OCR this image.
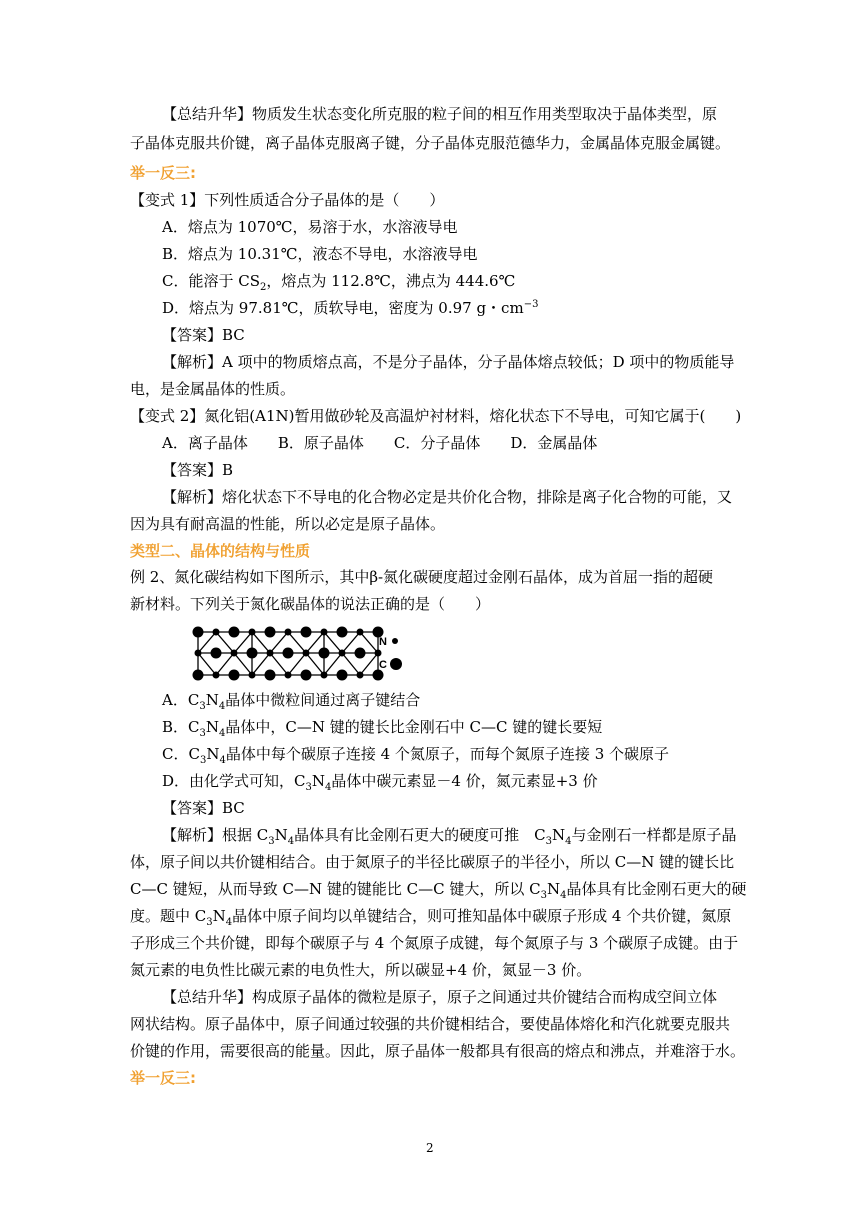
【总结升华】物质发生状态变化所克服的粒子间的相互作用类型取决于晶体类型，原
子晶体克服共价键，离子晶体克服离子键，分子晶体克服范德华力，金属晶体克服金属键。
举一反三:
【变式 1】下列性质适合分子晶体的是（　　）
A．熔点为 1070℃，易溶于水，水溶液导电
B．熔点为 10.31℃，液态不导电，水溶液导电
C．能溶于 $CS_2$，熔点为 112.8℃，沸点为 444.6℃
D．熔点为 97.81℃，质软导电，密度为 0.97 g・$cm^{-3}$
【答案】BC
【解析】A 项中的物质熔点高，不是分子晶体，分子晶体熔点较低；D 项中的物质能导
电，是金属晶体的性质。
【变式 2】氮化铝(A1N)暂用做砂轮及高温炉衬材料，熔化状态下不导电，可知它属于(　　)
A．离子晶体　　B．原子晶体　　C．分子晶体　　D．金属晶体
【答案】B
【解析】熔化状态下不导电的化合物必定是共价化合物，排除是离子化合物的可能，又
因为具有耐高温的性能，所以必定是原子晶体。
类型二、晶体的结构与性质
例 2、氮化碳结构如下图所示，其中β-氮化碳硬度超过金刚石晶体，成为首屈一指的超硬
新材料。下列关于氮化碳晶体的说法正确的是（　　）
N
C
A．$C_3N_4$晶体中微粒间通过离子键结合
B．$C_3N_4$晶体中，C—N 键的键长比金刚石中 C—C 键的键长要短
C．$C_3N_4$晶体中每个碳原子连接 4 个氮原子，而每个氮原子连接 3 个碳原子
D．由化学式可知，$C_3N_4$晶体中碳元素显－4 价，氮元素显+3 价
【答案】BC
【解析】根据 $C_3N_4$晶体具有比金刚石更大的硬度可推　$C_3N_4$与金刚石一样都是原子晶
体，原子间以共价键相结合。由于氮原子的半径比碳原子的半径小，所以 C—N 键的键长比
C—C 键短，从而导致 C—N 键的键能比 C—C 键大，所以 $C_3N_4$晶体具有比金刚石更大的硬
度。题中 $C_3N_4$晶体中原子间均以单键结合，则可推知晶体中碳原子形成 4 个共价键，氮原
子形成三个共价键，即每个碳原子与 4 个氮原子成键，每个氮原子与 3 个碳原子成键。由于
氮元素的电负性比碳元素的电负性大，所以碳显+4 价，氮显－3 价。
【总结升华】构成原子晶体的微粒是原子，原子之间通过共价键结合而构成空间立体
网状结构。原子晶体中，原子间通过较强的共价键相结合，要使晶体熔化和汽化就要克服共
价键的作用，需要很高的能量。因此，原子晶体一般都具有很高的熔点和沸点，并难溶于水。
举一反三:
2
